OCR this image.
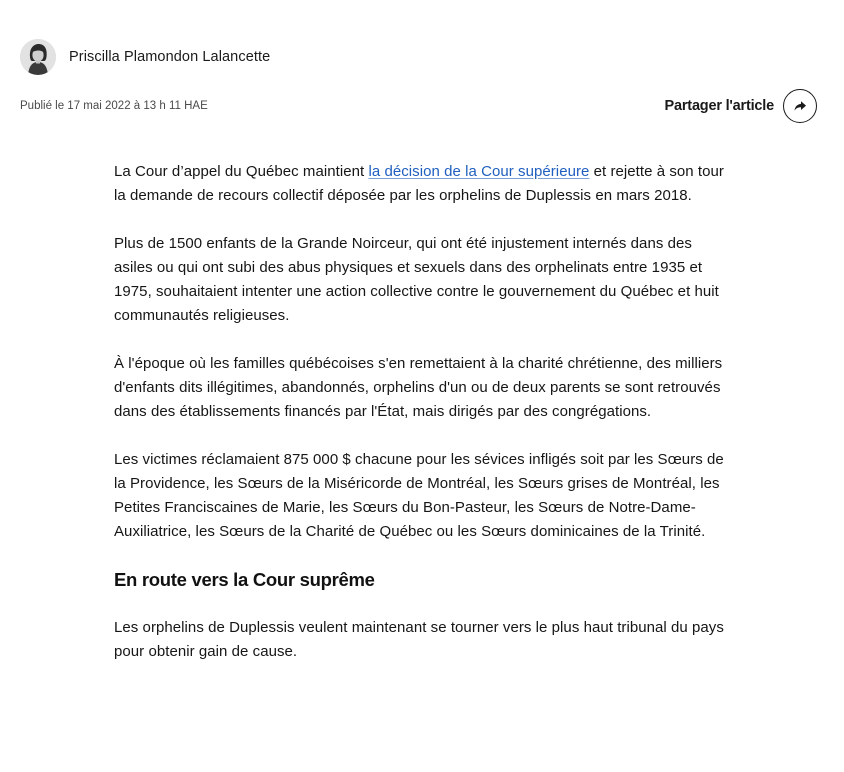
Priscilla Plamondon Lalancette
Publié le 17 mai 2022 à 13 h 11 HAE	Partager l'article

La Cour d’appel du Québec maintient la décision de la Cour supérieure et rejette à son tour la demande de recours collectif déposée par les orphelins de Duplessis en mars 2018.

Plus de 1500 enfants de la Grande Noirceur, qui ont été injustement internés dans des asiles ou qui ont subi des abus physiques et sexuels dans des orphelinats entre 1935 et 1975, souhaitaient intenter une action collective contre le gouvernement du Québec et huit communautés religieuses.

À l'époque où les familles québécoises s'en remettaient à la charité chrétienne, des milliers d'enfants dits illégitimes, abandonnés, orphelins d'un ou de deux parents se sont retrouvés dans des établissements financés par l'État, mais dirigés par des congrégations.

Les victimes réclamaient 875 000 $ chacune pour les sévices infligés soit par les Sœurs de la Providence, les Sœurs de la Miséricorde de Montréal, les Sœurs grises de Montréal, les Petites Franciscaines de Marie, les Sœurs du Bon-Pasteur, les Sœurs de Notre-Dame-Auxiliatrice, les Sœurs de la Charité de Québec ou les Sœurs dominicaines de la Trinité.

En route vers la Cour suprême

Les orphelins de Duplessis veulent maintenant se tourner vers le plus haut tribunal du pays pour obtenir gain de cause.
